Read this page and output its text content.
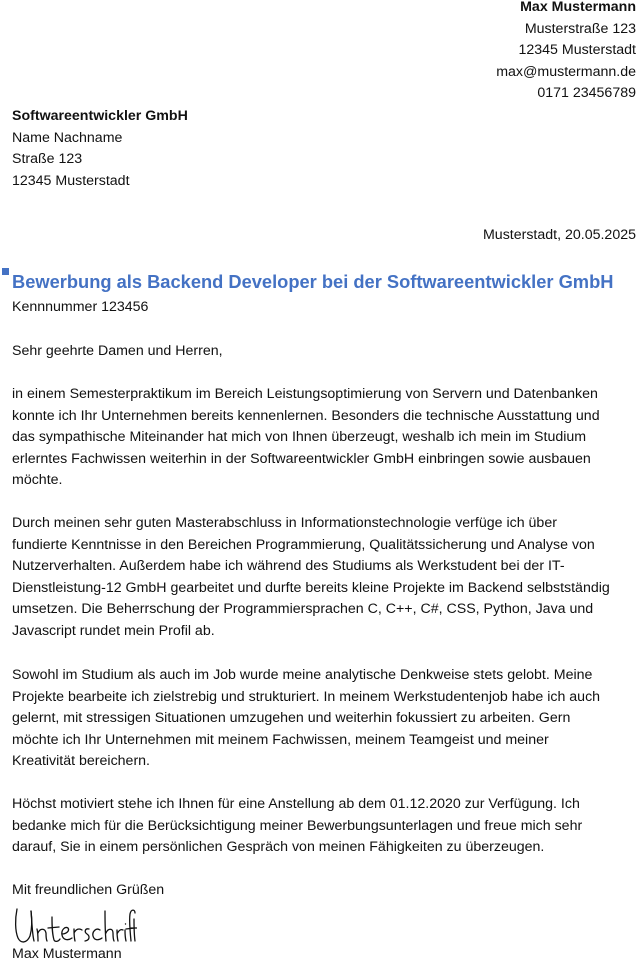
Max Mustermann
Musterstraße 123
12345 Musterstadt
max@mustermann.de
0171 23456789
Softwareentwickler GmbH
Name Nachname
Straße 123
12345 Musterstadt
Musterstadt, 20.05.2025
Bewerbung als Backend Developer bei der Softwareentwickler GmbH
Kennnummer 123456
Sehr geehrte Damen und Herren,
in einem Semesterpraktikum im Bereich Leistungsoptimierung von Servern und Datenbanken
konnte ich Ihr Unternehmen bereits kennenlernen. Besonders die technische Ausstattung und
das sympathische Miteinander hat mich von Ihnen überzeugt, weshalb ich mein im Studium
erlerntes Fachwissen weiterhin in der Softwareentwickler GmbH einbringen sowie ausbauen
möchte.
Durch meinen sehr guten Masterabschluss in Informationstechnologie verfüge ich über
fundierte Kenntnisse in den Bereichen Programmierung, Qualitätssicherung und Analyse von
Nutzerverhalten. Außerdem habe ich während des Studiums als Werkstudent bei der IT-
Dienstleistung-12 GmbH gearbeitet und durfte bereits kleine Projekte im Backend selbstständig
umsetzen. Die Beherrschung der Programmiersprachen C, C++, C#, CSS, Python, Java und
Javascript rundet mein Profil ab.
Sowohl im Studium als auch im Job wurde meine analytische Denkweise stets gelobt. Meine
Projekte bearbeite ich zielstrebig und strukturiert. In meinem Werkstudentenjob habe ich auch
gelernt, mit stressigen Situationen umzugehen und weiterhin fokussiert zu arbeiten. Gern
möchte ich Ihr Unternehmen mit meinem Fachwissen, meinem Teamgeist und meiner
Kreativität bereichern.
Höchst motiviert stehe ich Ihnen für eine Anstellung ab dem 01.12.2020 zur Verfügung. Ich
bedanke mich für die Berücksichtigung meiner Bewerbungsunterlagen und freue mich sehr
darauf, Sie in einem persönlichen Gespräch von meinen Fähigkeiten zu überzeugen.
Mit freundlichen Grüßen
Max Mustermann
